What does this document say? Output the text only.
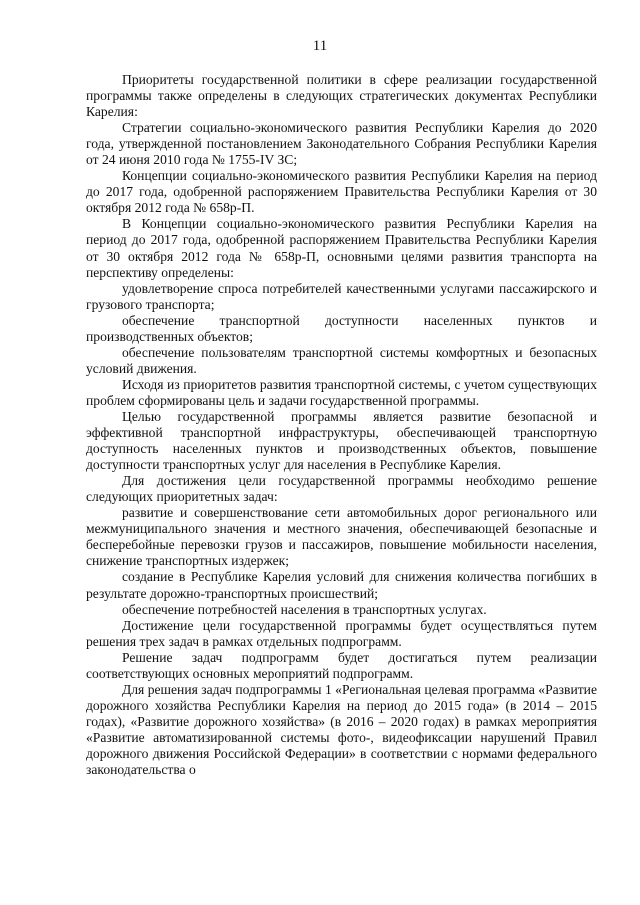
11

Приоритеты государственной политики в сфере реализации государственной программы также определены в следующих стратегических документах Республики Карелия:

Стратегии социально-экономического развития Республики Карелия до 2020 года, утвержденной постановлением Законодательного Собрания Республики Карелия от 24 июня 2010 года № 1755-IV ЗС;

Концепции социально-экономического развития Республики Карелия на период до 2017 года, одобренной распоряжением Правительства Республики Карелия от 30 октября 2012 года № 658р-П.

В Концепции социально-экономического развития Республики Карелия на период до 2017 года, одобренной распоряжением Правительства Республики Карелия от 30 октября 2012 года № 658р-П, основными целями развития транспорта на перспективу определены:

удовлетворение спроса потребителей качественными услугами пассажирского и грузового транспорта;

обеспечение транспортной доступности населенных пунктов и производственных объектов;

обеспечение пользователям транспортной системы комфортных и безопасных условий движения.

Исходя из приоритетов развития транспортной системы, с учетом существующих проблем сформированы цель и задачи государственной программы.

Целью государственной программы является развитие безопасной и эффективной транспортной инфраструктуры, обеспечивающей транспортную доступность населенных пунктов и производственных объектов, повышение доступности транспортных услуг для населения в Республике Карелия.

Для достижения цели государственной программы необходимо решение следующих приоритетных задач:

развитие и совершенствование сети автомобильных дорог регионального или межмуниципального значения и местного значения, обеспечивающей безопасные и бесперебойные перевозки грузов и пассажиров, повышение мобильности населения, снижение транспортных издержек;

создание в Республике Карелия условий для снижения количества погибших в результате дорожно-транспортных происшествий;

обеспечение потребностей населения в транспортных услугах.

Достижение цели государственной программы будет осуществляться путем решения трех задач в рамках отдельных подпрограмм.

Решение задач подпрограмм будет достигаться путем реализации соответствующих основных мероприятий подпрограмм.

Для решения задач подпрограммы 1 «Региональная целевая программа «Развитие дорожного хозяйства Республики Карелия на период до 2015 года» (в 2014 – 2015 годах), «Развитие дорожного хозяйства» (в 2016 – 2020 годах) в рамках мероприятия «Развитие автоматизированной системы фото-, видеофиксации нарушений Правил дорожного движения Российской Федерации» в соответствии с нормами федерального законодательства о
